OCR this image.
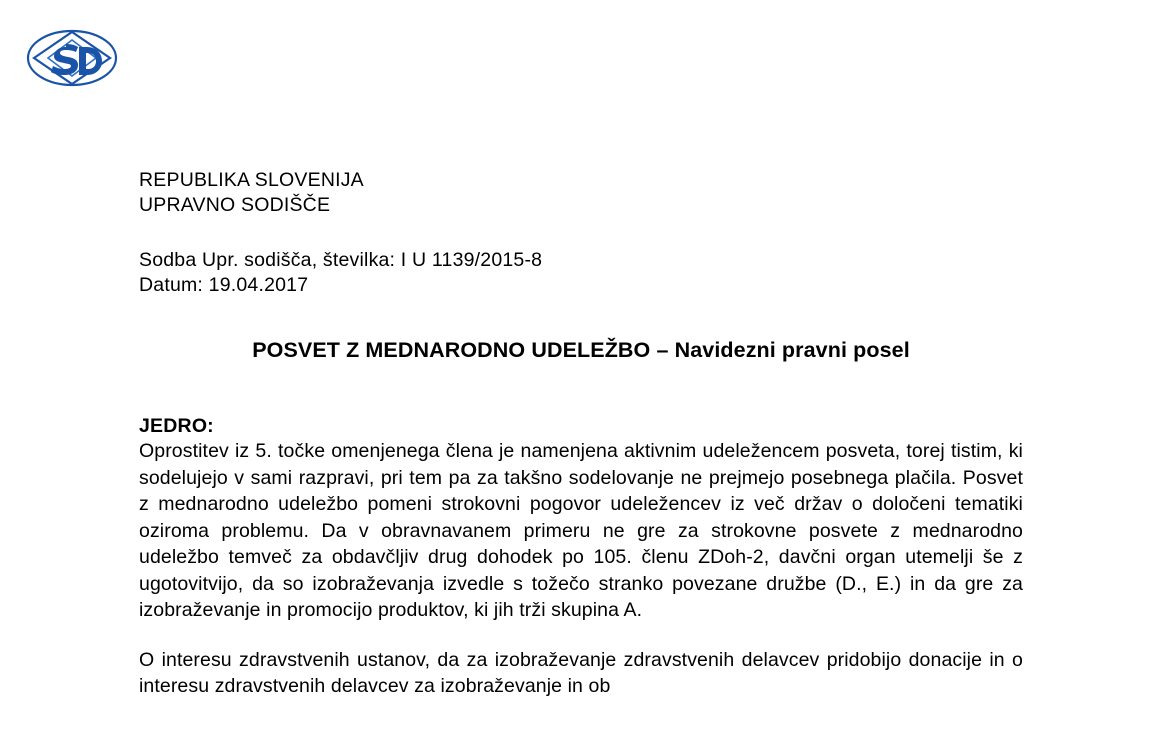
REPUBLIKA SLOVENIJA
UPRAVNO SODIŠČE
Sodba Upr. sodišča, številka: I U 1139/2015-8
Datum: 19.04.2017
POSVET Z MEDNARODNO UDELEŽBO – Navidezni pravni posel
JEDRO:

Oprostitev iz 5. točke omenjenega člena je namenjena aktivnim udeležencem posveta, torej tistim, ki sodelujejo v sami razpravi, pri tem pa za takšno sodelovanje ne prejmejo posebnega plačila. Posvet z mednarodno udeležbo pomeni strokovni pogovor udeležencev iz več držav o določeni tematiki oziroma problemu. Da v obravnavanem primeru ne gre za strokovne posvete z mednarodno udeležbo temveč za obdavčljiv drug dohodek po 105. členu ZDoh-2, davčni organ utemelji še z ugotovitvijo, da so izobraževanja izvedle s tožečo stranko povezane družbe (D., E.) in da gre za izobraževanje in promocijo produktov, ki jih trži skupina A.

O interesu zdravstvenih ustanov, da za izobraževanje zdravstvenih delavcev pridobijo donacije in o interesu zdravstvenih delavcev za izobraževanje in ob
